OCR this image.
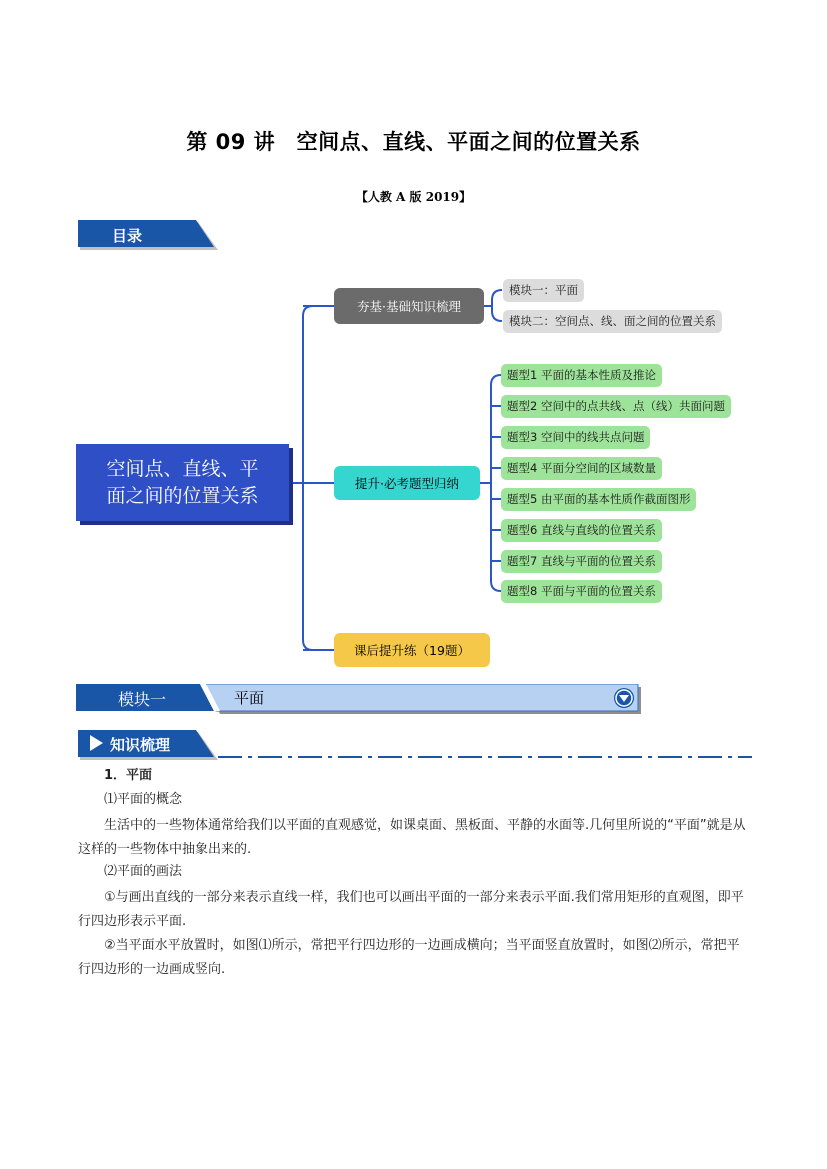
第 09 讲　空间点、直线、平面之间的位置关系
【人教 A 版 2019】
目录
空间点、直线、平
面之间的位置关系
夯基·基础知识梳理
提升·必考题型归纳
课后提升练（19题）
模块一：平面
模块二：空间点、线、面之间的位置关系
题型1 平面的基本性质及推论
题型2 空间中的点共线、点（线）共面问题
题型3 空间中的线共点问题
题型4 平面分空间的区域数量
题型5 由平面的基本性质作截面图形
题型6 直线与直线的位置关系
题型7 直线与平面的位置关系
题型8 平面与平面的位置关系
模块一	平面
知识梳理
1．平面
⑴平面的概念
生活中的一些物体通常给我们以平面的直观感觉，如课桌面、黑板面、平静的水面等.几何里所说的“平面”就是从这样的一些物体中抽象出来的.
⑵平面的画法
①与画出直线的一部分来表示直线一样，我们也可以画出平面的一部分来表示平面.我们常用矩形的直观图，即平行四边形表示平面.
②当平面水平放置时，如图⑴所示，常把平行四边形的一边画成横向；当平面竖直放置时，如图⑵所示，常把平行四边形的一边画成竖向.
